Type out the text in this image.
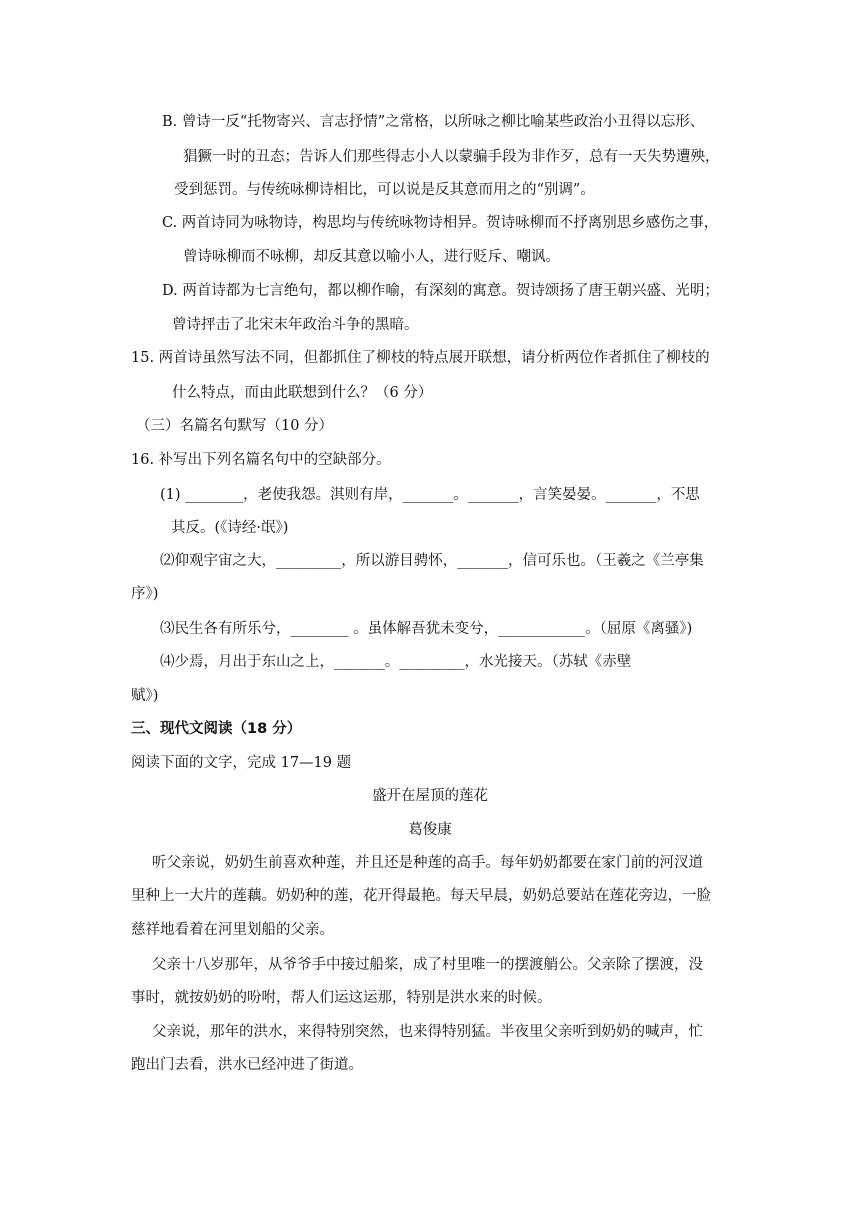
B. 曾诗一反“托物寄兴、言志抒情”之常格，以所咏之柳比喻某些政治小丑得以忘形、
猖獗一时的丑态；告诉人们那些得志小人以蒙骗手段为非作歹，总有一天失势遭殃，
受到惩罚。与传统咏柳诗相比，可以说是反其意而用之的“别调”。
C. 两首诗同为咏物诗，构思均与传统咏物诗相异。贺诗咏柳而不抒离别思乡感伤之事，
曾诗咏柳而不咏柳，却反其意以喻小人，进行贬斥、嘲讽。
D. 两首诗都为七言绝句，都以柳作喻，有深刻的寓意。贺诗颂扬了唐王朝兴盛、光明；
曾诗抨击了北宋末年政治斗争的黑暗。
15. 两首诗虽然写法不同，但都抓住了柳枝的特点展开联想，请分析两位作者抓住了柳枝的
什么特点，而由此联想到什么？（6 分）
（三）名篇名句默写（10 分）
16. 补写出下列名篇名句中的空缺部分。
(1) ________，老使我怨。淇则有岸，_______。_______，言笑晏晏。_______，不思
其反。(《诗经·氓》)
⑵仰观宇宙之大，_________，所以游目骋怀，_______，信可乐也。（王羲之《兰亭集
序》)
⑶民生各有所乐兮，________ 。虽体解吾犹未变兮，____________。（屈原《离骚》)
⑷少焉，月出于东山之上，_______。_________，水光接天。（苏轼《赤壁
赋》)
三、现代文阅读（18 分）
阅读下面的文字，完成 17—19 题
盛开在屋顶的莲花
葛俊康
听父亲说，奶奶生前喜欢种莲，并且还是种莲的高手。每年奶奶都要在家门前的河汊道
里种上一大片的莲藕。奶奶种的莲，花开得最艳。每天早晨，奶奶总要站在莲花旁边，一脸
慈祥地看着在河里划船的父亲。
父亲十八岁那年，从爷爷手中接过船桨，成了村里唯一的摆渡艄公。父亲除了摆渡，没
事时，就按奶奶的吩咐，帮人们运这运那，特别是洪水来的时候。
父亲说，那年的洪水，来得特别突然，也来得特别猛。半夜里父亲听到奶奶的喊声，忙
跑出门去看，洪水已经冲进了街道。
